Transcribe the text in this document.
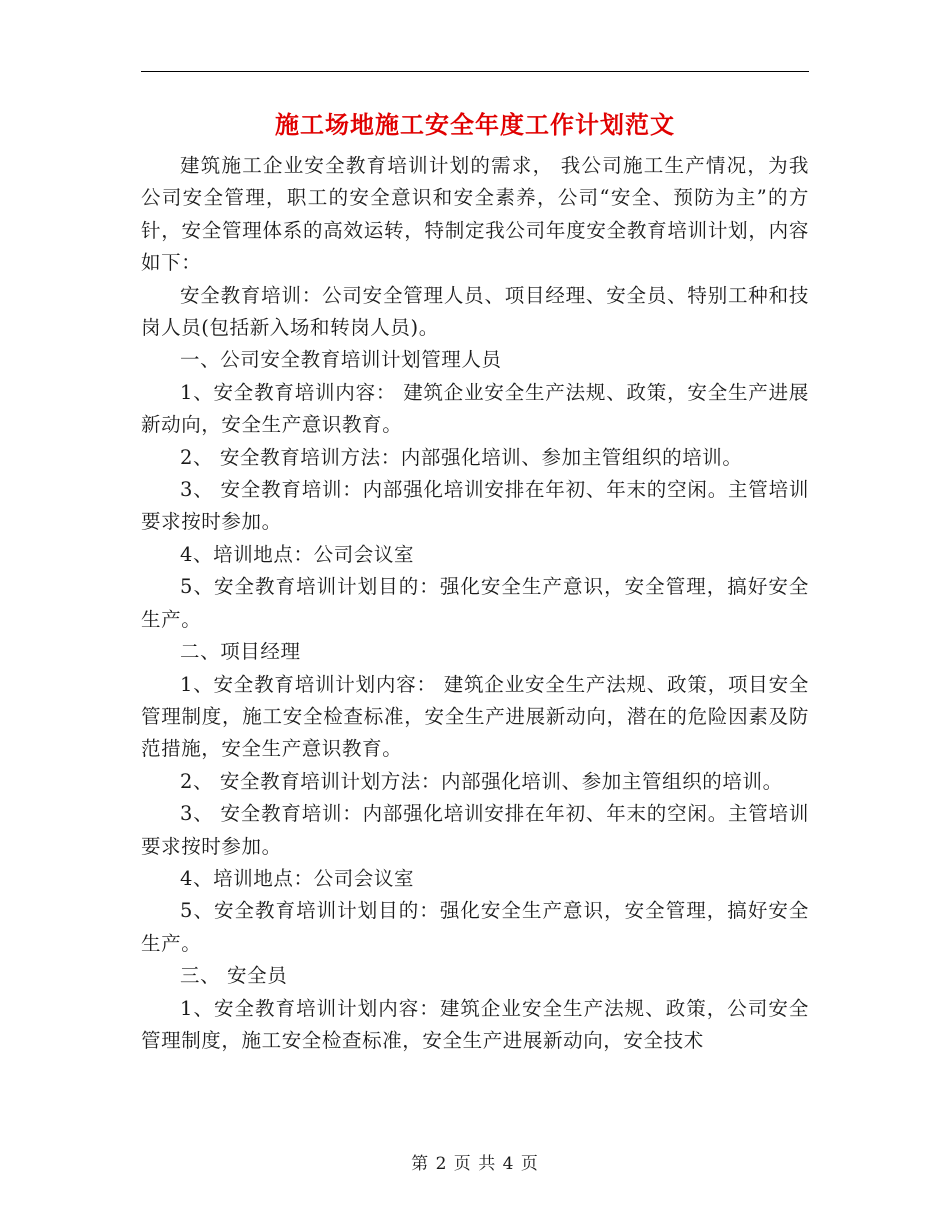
施工场地施工安全年度工作计划范文

建筑施工企业安全教育培训计划的需求， 我公司施工生产情况，为我公司安全管理，职工的安全意识和安全素养，公司“安全、预防为主”的方针，安全管理体系的高效运转，特制定我公司年度安全教育培训计划，内容如下：

安全教育培训：公司安全管理人员、项目经理、安全员、特别工种和技岗人员(包括新入场和转岗人员)。

一、公司安全教育培训计划管理人员

1、安全教育培训内容： 建筑企业安全生产法规、政策，安全生产进展新动向，安全生产意识教育。

2、 安全教育培训方法：内部强化培训、参加主管组织的培训。

3、 安全教育培训：内部强化培训安排在年初、年末的空闲。主管培训要求按时参加。

4、培训地点：公司会议室

5、安全教育培训计划目的：强化安全生产意识，安全管理，搞好安全生产。

二、项目经理

1、安全教育培训计划内容： 建筑企业安全生产法规、政策，项目安全管理制度，施工安全检查标准，安全生产进展新动向，潜在的危险因素及防范措施，安全生产意识教育。

2、 安全教育培训计划方法：内部强化培训、参加主管组织的培训。

3、 安全教育培训：内部强化培训安排在年初、年末的空闲。主管培训要求按时参加。

4、培训地点：公司会议室

5、安全教育培训计划目的：强化安全生产意识，安全管理，搞好安全生产。

三、 安全员

1、安全教育培训计划内容：建筑企业安全生产法规、政策，公司安全管理制度，施工安全检查标准，安全生产进展新动向，安全技术

第 2 页 共 4 页
